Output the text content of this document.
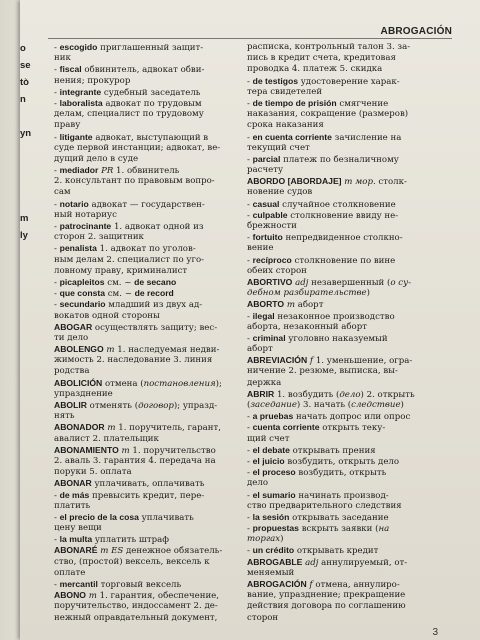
o
se
tò
n
yn
m
ly
ABROGACIÓN
- escogido приглашенный защит-
ник
- fiscal обвинитель, адвокат обви-
нения; прокурор
- integrante судебный заседатель
- laboralista адвокат по трудовым
делам, специалист по трудовому
праву
- litigante адвокат, выступающий в
суде первой инстанции; адвокат, ве-
дущий дело в суде
- mediador PR 1. обвинитель
2. консультант по правовым вопро-
сам
- notario адвокат — государствен-
ный нотариус
- patrocinante 1. адвокат одной из
сторон 2. защитник
- penalista 1. адвокат по уголов-
ным делам 2. специалист по уго-
ловному праву, криминалист
- picapleitos см. ~ de secano
- que consta см. ~ de record
- secundario младший из двух ад-
вокатов одной стороны
ABOGAR осуществлять защиту; вес-
ти дело
ABOLENGO m 1. наследуемая недви-
жимость 2. наследование 3. линия
родства
ABOLICIÓN отмена (постановления);
упразднение
ABOLIR отменять (договор); упразд-
нять
ABONADOR m 1. поручитель, гарант,
авалист 2. плательщик
ABONAMIENTO m 1. поручительство
2. аваль 3. гарантия 4. передача на
поруки 5. оплата
ABONAR уплачивать, оплачивать
- de más превысить кредит, пере-
платить
- el precio de la cosa уплачивать
цену вещи
- la multa уплатить штраф
ABONARÉ m ES денежное обязатель-
ство, (простой) вексель, вексель к
оплате
- mercantil торговый вексель
ABONO m 1. гарантия, обеспечение,
поручительство, индоссамент 2. де-
нежный оправдательный документ,
расписка, контрольный талон 3. за-
пись в кредит счета, кредитовая
проводка 4. платеж 5. скидка
- de testigos удостоверение харак-
тера свидетелей
- de tiempo de prisión смягчение
наказания, сокращение (размеров)
срока наказания
- en cuenta corriente зачисление на
текущий счет
- parcial платеж по безналичному
расчету
ABORDO [ABORDAJE] m мор. столк-
новение судов
- casual случайное столкновение
- culpable столкновение ввиду не-
брежности
- fortuito непредвиденное столкно-
вение
- recíproco столкновение по вине
обеих сторон
ABORTIVO adj незавершенный (о су-
дебном разбирательстве)
ABORTO m аборт
- ilegal незаконное производство
аборта, незаконный аборт
- criminal уголовно наказуемый
аборт
ABREVIACIÓN f 1. уменьшение, огра-
ничение 2. резюме, выписка, вы-
держка
ABRIR 1. возбудить (дело) 2. открыть
(заседание) 3. начать (следствие)
- a pruebas начать допрос или опрос
- cuenta corriente открыть теку-
щий счет
- el debate открывать прения
- el juicio возбудить, открыть дело
- el proceso возбудить, открыть
дело
- el sumario начинать производ-
ство предварительного следствия
- la sesión открывать заседание
- propuestas вскрыть заявки (на
торгах)
- un crédito открывать кредит
ABROGABLE adj аннулируемый, от-
меняемый
ABROGACIÓN f отмена, аннулиро-
вание, упразднение; прекращение
действия договора по соглашению
сторон
3
